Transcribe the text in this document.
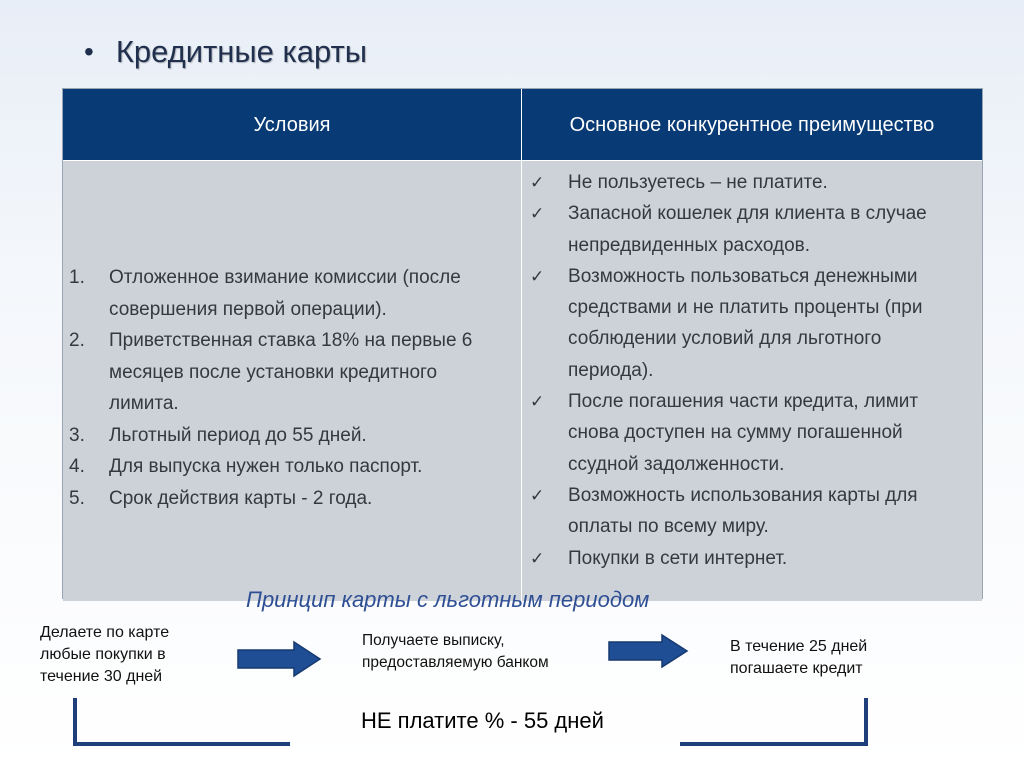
• Кредитные карты
Условия	Основное конкурентное преимущество
1.	Отложенное взимание комиссии (после совершения первой операции).
2.	Приветственная ставка 18% на первые 6 месяцев после установки кредитного лимита.
3.	Льготный период до 55 дней.
4.	Для выпуска нужен только паспорт.
5.	Срок действия карты - 2 года.
✓	Не пользуетесь – не платите.
✓	Запасной кошелек для клиента в случае непредвиденных расходов.
✓	Возможность пользоваться денежными средствами и не платить проценты (при соблюдении условий для льготного периода).
✓	После погашения части кредита, лимит снова доступен на сумму погашенной ссудной задолженности.
✓	Возможность использования карты для оплаты по всему миру.
✓	Покупки в сети интернет.
Принцип карты с льготным периодом
Делаете по карте любые покупки в течение 30 дней
Получаете выписку, предоставляемую банком
В течение 25 дней погашаете кредит
НЕ платите % - 55 дней
